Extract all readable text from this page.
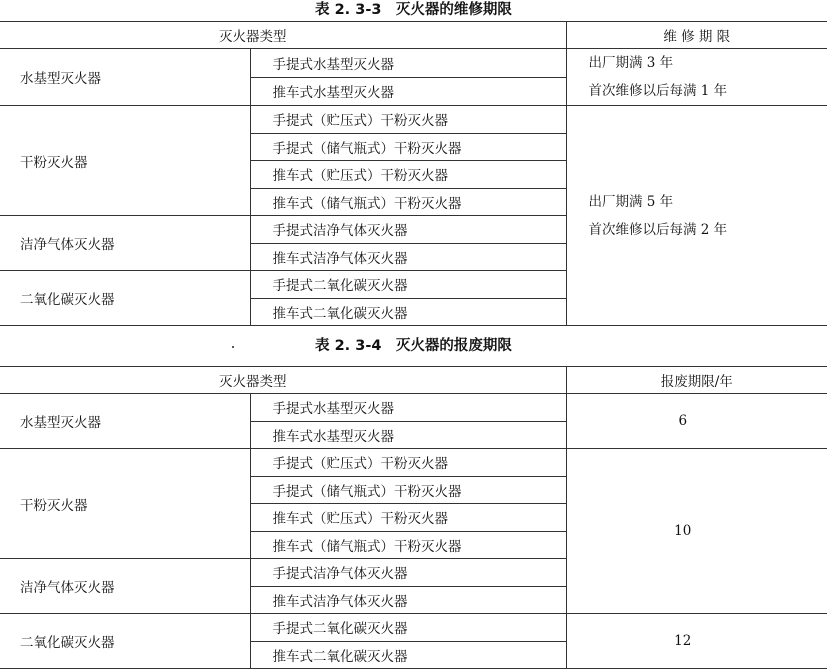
表 2. 3-3　灭火器的维修期限
灭火器类型		维 修 期 限
水基型灭火器	手提式水基型灭火器	出厂期满 3 年
首次维修以后每满 1 年

	推车式水基型灭火器	
干粉灭火器	手提式（贮压式）干粉灭火器	出厂期满 5 年
首次维修以后每满 2 年

	手提式（储气瓶式）干粉灭火器	
	推车式（贮压式）干粉灭火器	
	推车式（储气瓶式）干粉灭火器	
洁净气体灭火器	手提式洁净气体灭火器	
	推车式洁净气体灭火器	
二氧化碳灭火器	手提式二氧化碳灭火器	
	推车式二氧化碳灭火器	
表 2. 3-4　灭火器的报废期限
灭火器类型		报废期限/年
水基型灭火器	手提式水基型灭火器	6
	推车式水基型灭火器	
干粉灭火器	手提式（贮压式）干粉灭火器	10
	手提式（储气瓶式）干粉灭火器	
	推车式（贮压式）干粉灭火器	
	推车式（储气瓶式）干粉灭火器	
洁净气体灭火器	手提式洁净气体灭火器	
	推车式洁净气体灭火器	
二氧化碳灭火器	手提式二氧化碳灭火器	12
	推车式二氧化碳灭火器	
